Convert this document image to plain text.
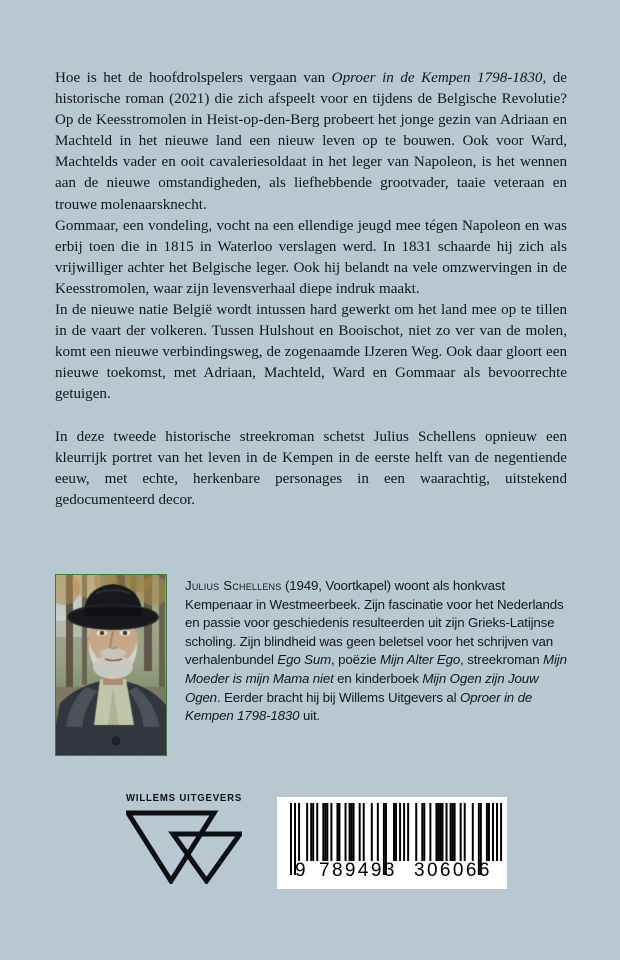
Hoe is het de hoofdrolspelers vergaan van Oproer in de Kempen 1798-1830, de historische roman (2021) die zich afspeelt voor en tijdens de Belgische Revolutie? Op de Keesstromolen in Heist-op-den-Berg probeert het jonge gezin van Adriaan en Machteld in het nieuwe land een nieuw leven op te bouwen. Ook voor Ward, Machtelds vader en ooit cavaleriesoldaat in het leger van Napoleon, is het wennen aan de nieuwe omstandigheden, als liefhebbende grootvader, taaie veteraan en trouwe molenaarsknecht.

Gommaar, een vondeling, vocht na een ellendige jeugd mee tégen Napoleon en was erbij toen die in 1815 in Waterloo verslagen werd. In 1831 schaarde hij zich als vrijwilliger achter het Belgische leger. Ook hij belandt na vele omzwervingen in de Keesstromolen, waar zijn levensverhaal diepe indruk maakt.

In de nieuwe natie België wordt intussen hard gewerkt om het land mee op te tillen in de vaart der volkeren. Tussen Hulshout en Booischot, niet zo ver van de molen, komt een nieuwe verbindingsweg, de zogenaamde IJzeren Weg. Ook daar gloort een nieuwe toekomst, met Adriaan, Machteld, Ward en Gommaar als bevoorrechte getuigen.

In deze tweede historische streekroman schetst Julius Schellens opnieuw een kleurrijk portret van het leven in de Kempen in de eerste helft van de negentiende eeuw, met echte, herkenbare personages in een waarachtig, uitstekend gedocumenteerd decor.

Julius Schellens (1949, Voortkapel) woont als honkvast Kempenaar in Westmeerbeek. Zijn fascinatie voor het Nederlands en passie voor geschiedenis resulteerden uit zijn Grieks-Latijnse scholing. Zijn blindheid was geen beletsel voor het schrijven van verhalenbundel Ego Sum, poëzie Mijn Alter Ego, streekroman Mijn Moeder is mijn Mama niet en kinderboek Mijn Ogen zijn Jouw Ogen. Eerder bracht hij bij Willems Uitgevers al Oproer in de Kempen 1798-1830 uit.
WILLEMS UITGEVERS
9 789493 306066
